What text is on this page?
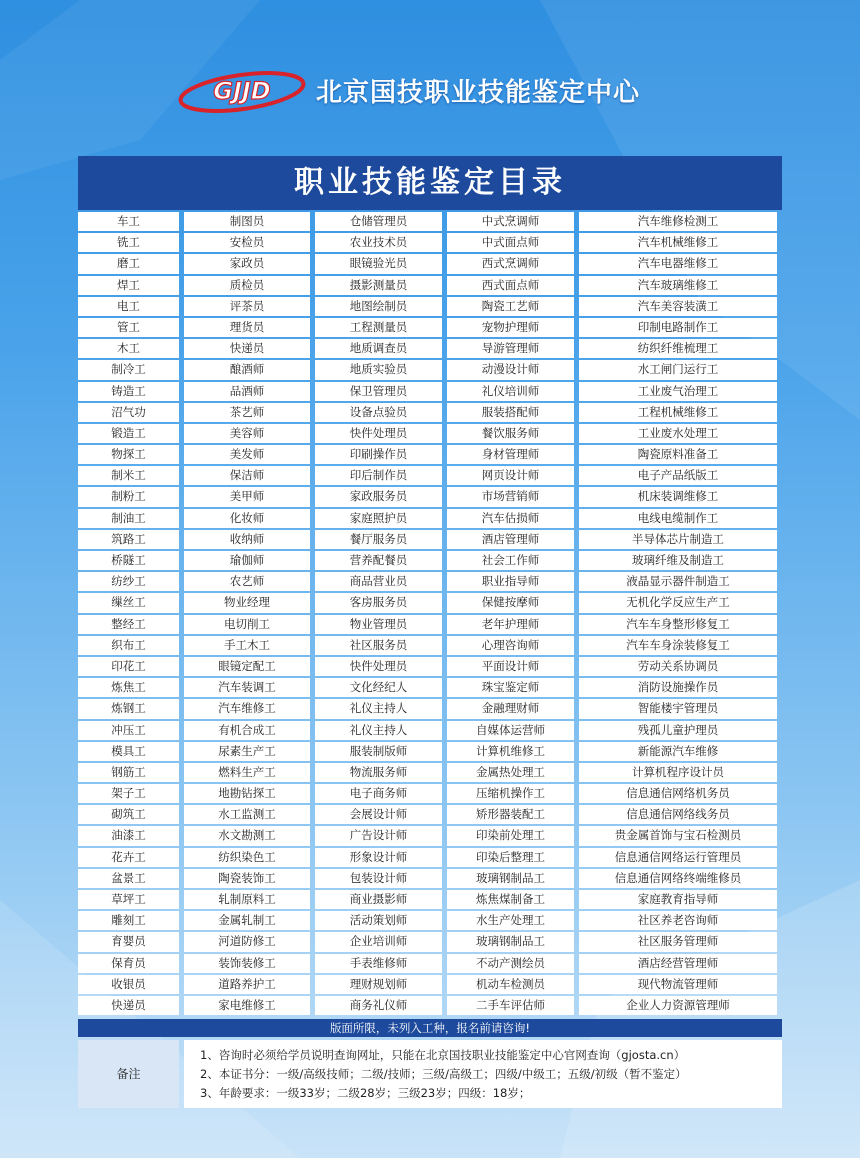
GJJD 北京国技职业技能鉴定中心
职业技能鉴定目录
车工	制图员	仓储管理员	中式烹调师	汽车维修检测工
铣工	安检员	农业技术员	中式面点师	汽车机械维修工
磨工	家政员	眼镜验光员	西式烹调师	汽车电器维修工
焊工	质检员	摄影测量员	西式面点师	汽车玻璃维修工
电工	评茶员	地图绘制员	陶瓷工艺师	汽车美容装潢工
管工	理货员	工程测量员	宠物护理师	印制电路制作工
木工	快递员	地质调查员	导游管理师	纺织纤维梳理工
制冷工	酿酒师	地质实验员	动漫设计师	水工闸门运行工
铸造工	品酒师	保卫管理员	礼仪培训师	工业废气治理工
沼气功	茶艺师	设备点验员	服装搭配师	工程机械维修工
锻造工	美容师	快件处理员	餐饮服务师	工业废水处理工
物探工	美发师	印刷操作员	身材管理师	陶瓷原料准备工
制米工	保洁师	印后制作员	网页设计师	电子产品纸版工
制粉工	美甲师	家政服务员	市场营销师	机床装调维修工
制油工	化妆师	家庭照护员	汽车估损师	电线电缆制作工
筑路工	收纳师	餐厅服务员	酒店管理师	半导体芯片制造工
桥隧工	瑜伽师	营养配餐员	社会工作师	玻璃纤维及制造工
纺纱工	农艺师	商品营业员	职业指导师	液晶显示器件制造工
缫丝工	物业经理	客房服务员	保健按摩师	无机化学反应生产工
整经工	电切削工	物业管理员	老年护理师	汽车车身整形修复工
织布工	手工木工	社区服务员	心理咨询师	汽车车身涂装修复工
印花工	眼镜定配工	快件处理员	平面设计师	劳动关系协调员
炼焦工	汽车装调工	文化经纪人	珠宝鉴定师	消防设施操作员
炼钢工	汽车维修工	礼仪主持人	金融理财师	智能楼宇管理员
冲压工	有机合成工	礼仪主持人	自媒体运营师	残孤儿童护理员
模具工	尿素生产工	服装制版师	计算机维修工	新能源汽车维修
钢筋工	燃料生产工	物流服务师	金属热处理工	计算机程序设计员
架子工	地勘钻探工	电子商务师	压缩机操作工	信息通信网络机务员
砌筑工	水工监测工	会展设计师	矫形器装配工	信息通信网络线务员
油漆工	水文勘测工	广告设计师	印染前处理工	贵金属首饰与宝石检测员
花卉工	纺织染色工	形象设计师	印染后整理工	信息通信网络运行管理员
盆景工	陶瓷装饰工	包装设计师	玻璃钢制品工	信息通信网络终端维修员
草坪工	轧制原料工	商业摄影师	炼焦煤制备工	家庭教育指导师
雕刻工	金属轧制工	活动策划师	水生产处理工	社区养老咨询师
育婴员	河道防修工	企业培训师	玻璃钢制品工	社区服务管理师
保育员	装饰装修工	手表维修师	不动产测绘员	酒店经营管理师
收银员	道路养护工	理财规划师	机动车检测员	现代物流管理师
快递员	家电维修工	商务礼仪师	二手车评估师	企业人力资源管理师
版面所限，未列入工种，报名前请咨询!
备注
1、咨询时必须给学员说明查询网址，只能在北京国技职业技能鉴定中心官网查询（gjosta.cn）
2、本证书分：一级/高级技师；二级/技师；三级/高级工；四级/中级工；五级/初级（暂不鉴定）
3、年龄要求：一级33岁；二级28岁；三级23岁；四级：18岁；
